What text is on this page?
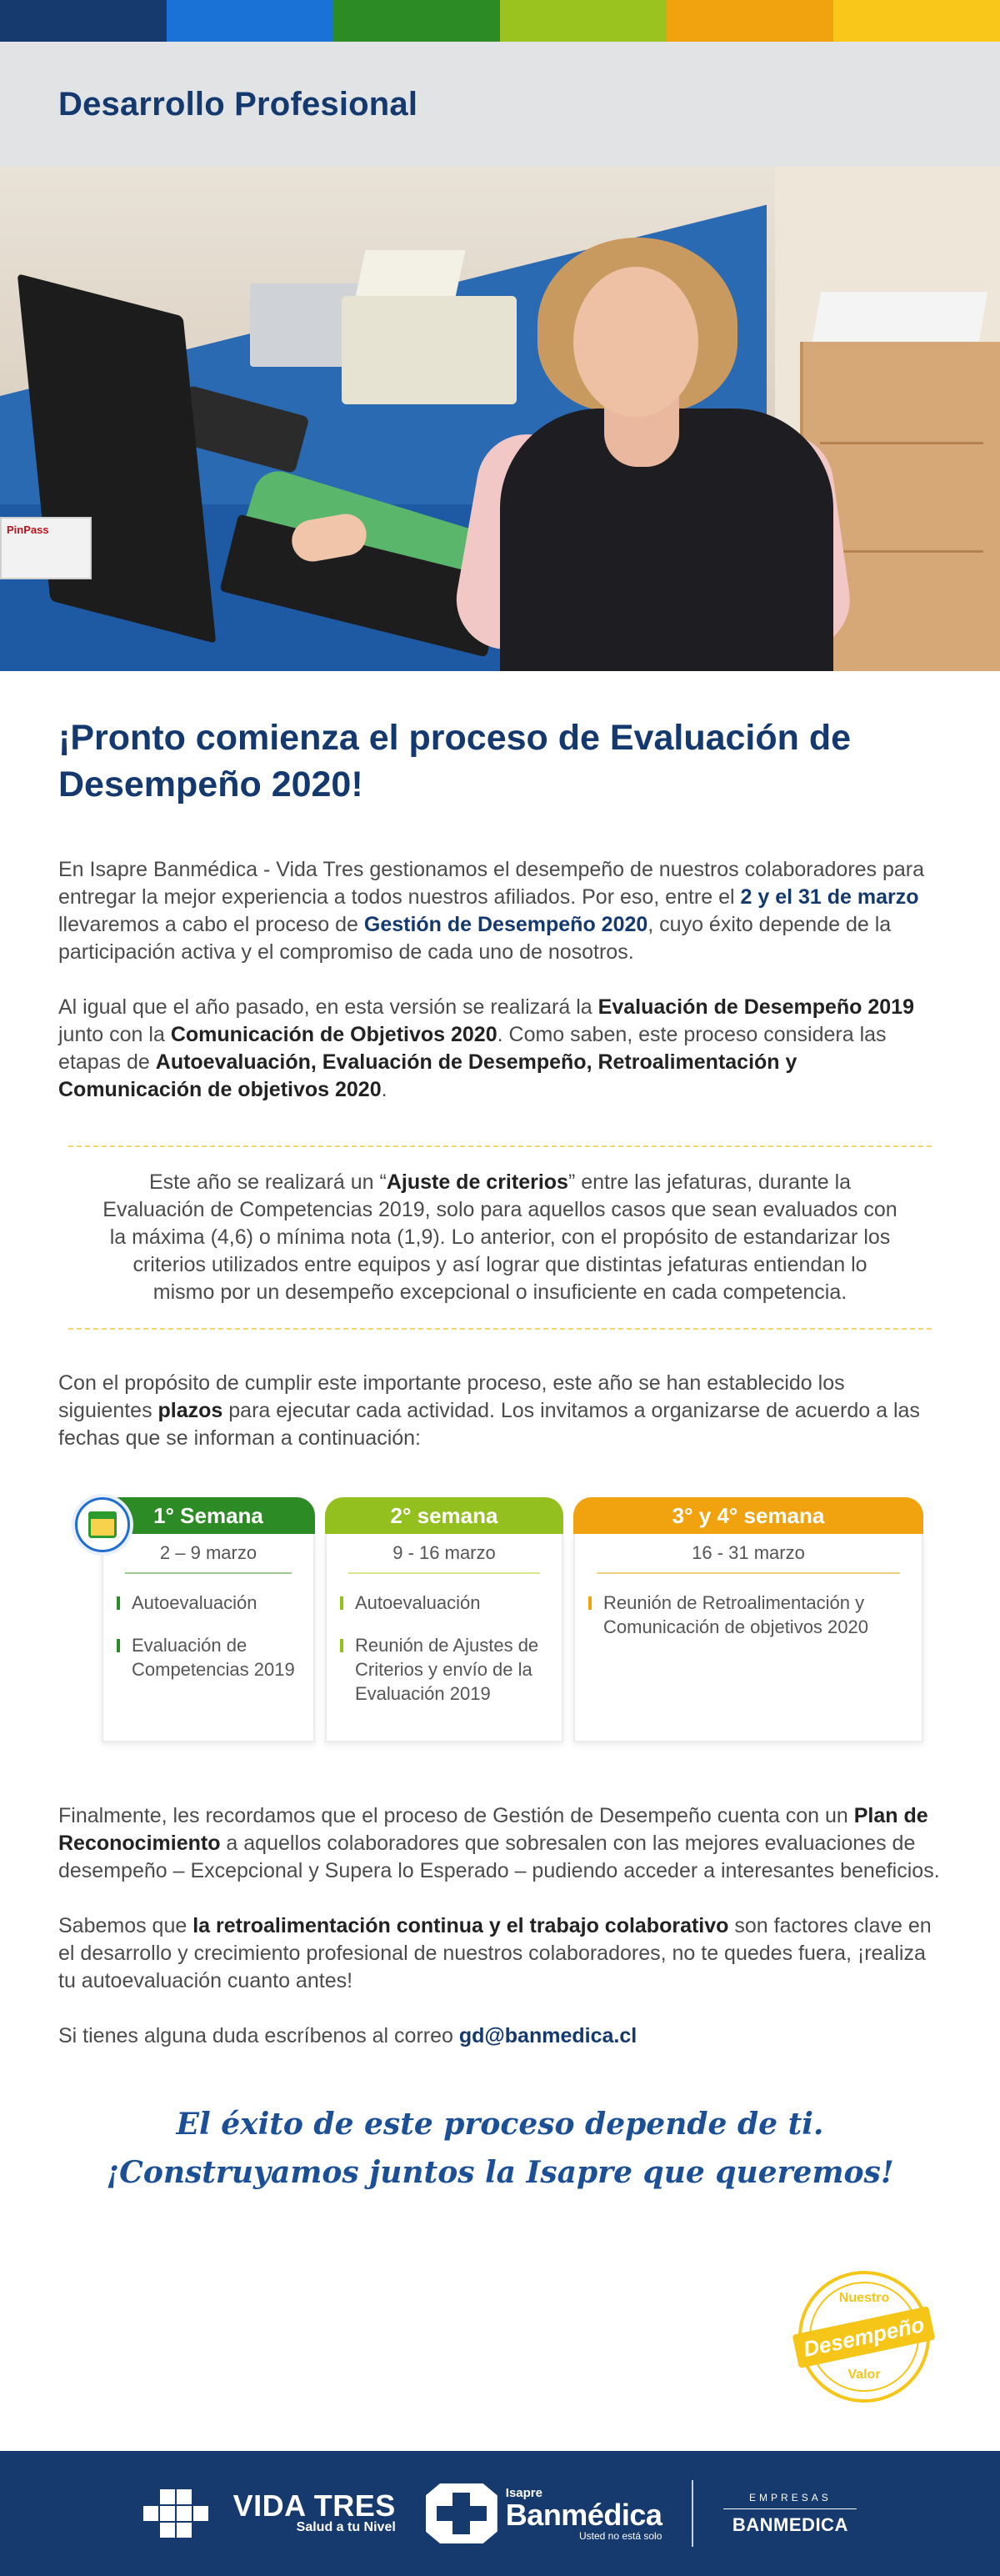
Desarrollo Profesional
PinPass
¡Pronto comienza el proceso de Evaluación de Desempeño 2020!

En Isapre Banmédica - Vida Tres gestionamos el desempeño de nuestros colaboradores para entregar la mejor experiencia a todos nuestros afiliados. Por eso, entre el 2 y el 31 de marzo llevaremos a cabo el proceso de Gestión de Desempeño 2020, cuyo éxito depende de la participación activa y el compromiso de cada uno de nosotros.

Al igual que el año pasado, en esta versión se realizará la Evaluación de Desempeño 2019 junto con la Comunicación de Objetivos 2020. Como saben, este proceso considera las etapas de Autoevaluación, Evaluación de Desempeño, Retroalimentación y Comunicación de objetivos 2020.

Este año se realizará un “Ajuste de criterios” entre las jefaturas, durante la Evaluación de Competencias 2019, solo para aquellos casos que sean evaluados con la máxima (4,6) o mínima nota (1,9). Lo anterior, con el propósito de estandarizar los criterios utilizados entre equipos y así lograr que distintas jefaturas entiendan lo mismo por un desempeño excepcional o insuficiente en cada competencia.

Con el propósito de cumplir este importante proceso, este año se han establecido los siguientes plazos para ejecutar cada actividad. Los invitamos a organizarse de acuerdo a las fechas que se informan a continuación:

1° Semana
2 – 9 marzo
Autoevaluación
Evaluación de Competencias 2019
2° semana
9 - 16 marzo
Autoevaluación
Reunión de Ajustes de Criterios y envío de la Evaluación 2019
3° y 4° semana
16 - 31 marzo
Reunión de Retroalimentación y Comunicación de objetivos 2020

Finalmente, les recordamos que el proceso de Gestión de Desempeño cuenta con un Plan de Reconocimiento a aquellos colaboradores que sobresalen con las mejores evaluaciones de desempeño – Excepcional y Supera lo Esperado – pudiendo acceder a interesantes beneficios.

Sabemos que la retroalimentación continua y el trabajo colaborativo son factores clave en el desarrollo y crecimiento profesional de nuestros colaboradores, no te quedes fuera, ¡realiza tu autoevaluación cuanto antes!

Si tienes alguna duda escríbenos al correo gd@banmedica.cl

El éxito de este proceso depende de ti.
¡Construyamos juntos la Isapre que queremos!
Nuestro
Desempeño
Valor
VIDA TRES
Salud a tu Nivel
Isapre
Banmédica
Usted no está solo
EMPRESAS
BANMEDICA
